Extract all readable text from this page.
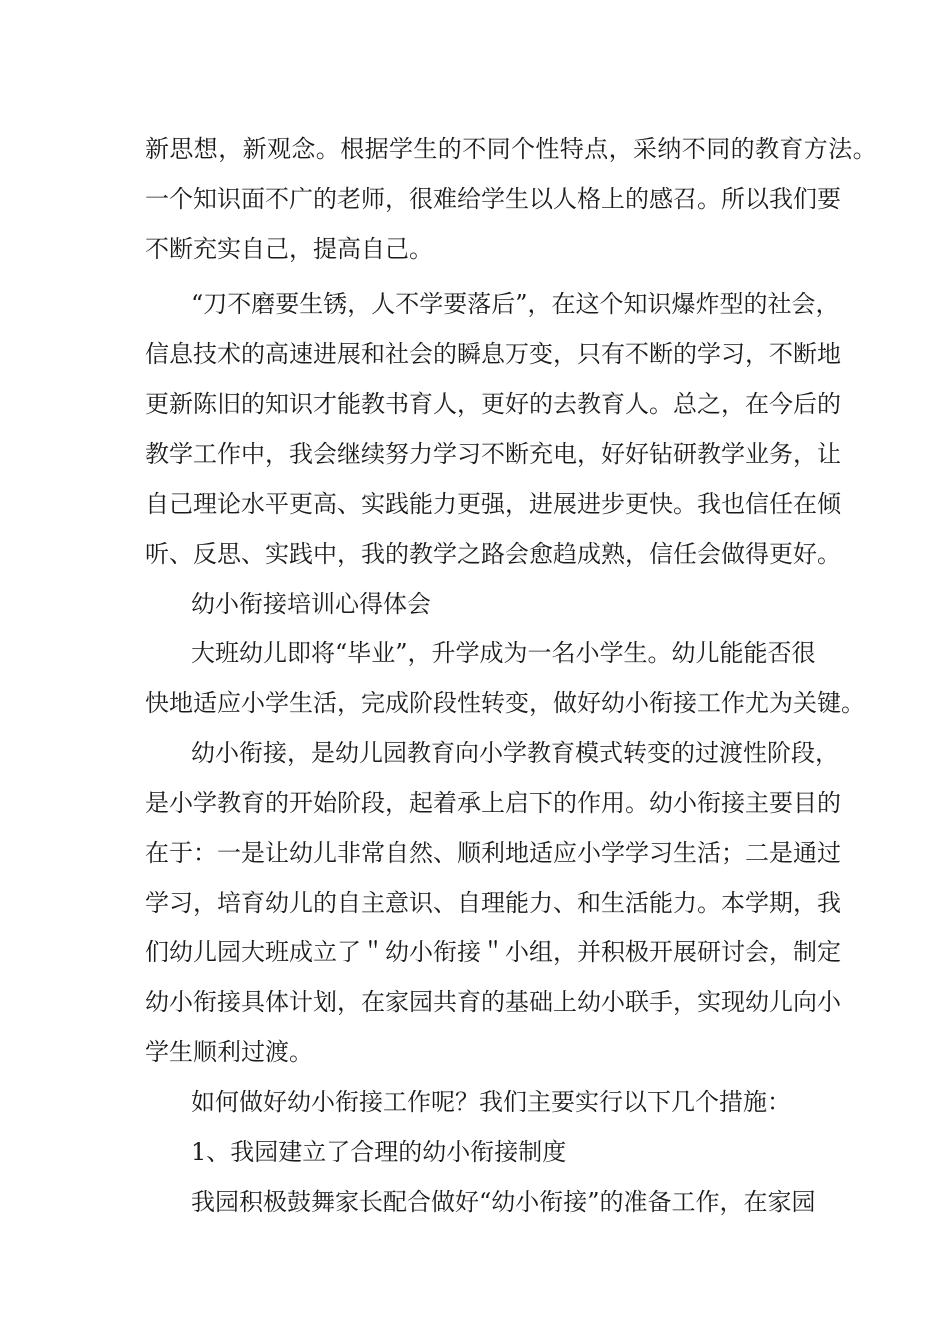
新思想，新观念。根据学生的不同个性特点，采纳不同的教育方法。
一个知识面不广的老师，很难给学生以人格上的感召。所以我们要
不断充实自己，提高自己。
“刀不磨要生锈，人不学要落后”，在这个知识爆炸型的社会，
信息技术的高速进展和社会的瞬息万变，只有不断的学习，不断地
更新陈旧的知识才能教书育人，更好的去教育人。总之，在今后的
教学工作中，我会继续努力学习不断充电，好好钻研教学业务，让
自己理论水平更高、实践能力更强，进展进步更快。我也信任在倾
听、反思、实践中，我的教学之路会愈趋成熟，信任会做得更好。
幼小衔接培训心得体会
大班幼儿即将“毕业”，升学成为一名小学生。幼儿能能否很
快地适应小学生活，完成阶段性转变，做好幼小衔接工作尤为关键。
幼小衔接，是幼儿园教育向小学教育模式转变的过渡性阶段，
是小学教育的开始阶段，起着承上启下的作用。幼小衔接主要目的
在于：一是让幼儿非常自然、顺利地适应小学学习生活；二是通过
学习，培育幼儿的自主意识、自理能力、和生活能力。本学期，我
们幼儿园大班成立了＂幼小衔接＂小组，并积极开展研讨会，制定
幼小衔接具体计划，在家园共育的基础上幼小联手，实现幼儿向小
学生顺利过渡。
如何做好幼小衔接工作呢？我们主要实行以下几个措施：
1、我园建立了合理的幼小衔接制度
我园积极鼓舞家长配合做好“幼小衔接”的准备工作，在家园
